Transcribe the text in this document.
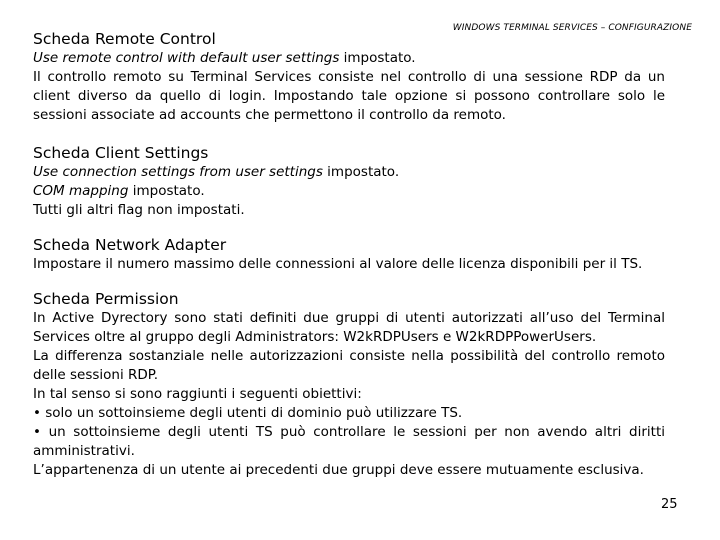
WINDOWS TERMINAL SERVICES – CONFIGURAZIONE

Scheda Remote Control

Use remote control with default user settings impostato.

Il controllo remoto su Terminal Services consiste nel controllo di una sessione RDP da un client diverso da quello di login. Impostando tale opzione si possono controllare solo le sessioni associate ad accounts che permettono il controllo da remoto.

Scheda Client Settings

Use connection settings from user settings impostato.

COM mapping impostato.

Tutti gli altri flag non impostati.

Scheda Network Adapter

Impostare il numero massimo delle connessioni al valore delle licenza disponibili per il TS.

Scheda Permission

In Active Dyrectory sono stati definiti due gruppi di utenti autorizzati all’uso del Terminal Services oltre al gruppo degli Administrators: W2kRDPUsers e W2kRDPPowerUsers.

La differenza sostanziale nelle autorizzazioni consiste nella possibilità del controllo remoto delle sessioni RDP.

In tal senso si sono raggiunti i seguenti obiettivi:

• solo un sottoinsieme degli utenti di dominio può utilizzare TS.

• un sottoinsieme degli utenti TS può controllare le sessioni per non avendo altri diritti amministrativi.

L’appartenenza di un utente ai precedenti due gruppi deve essere mutuamente esclusiva.

25
